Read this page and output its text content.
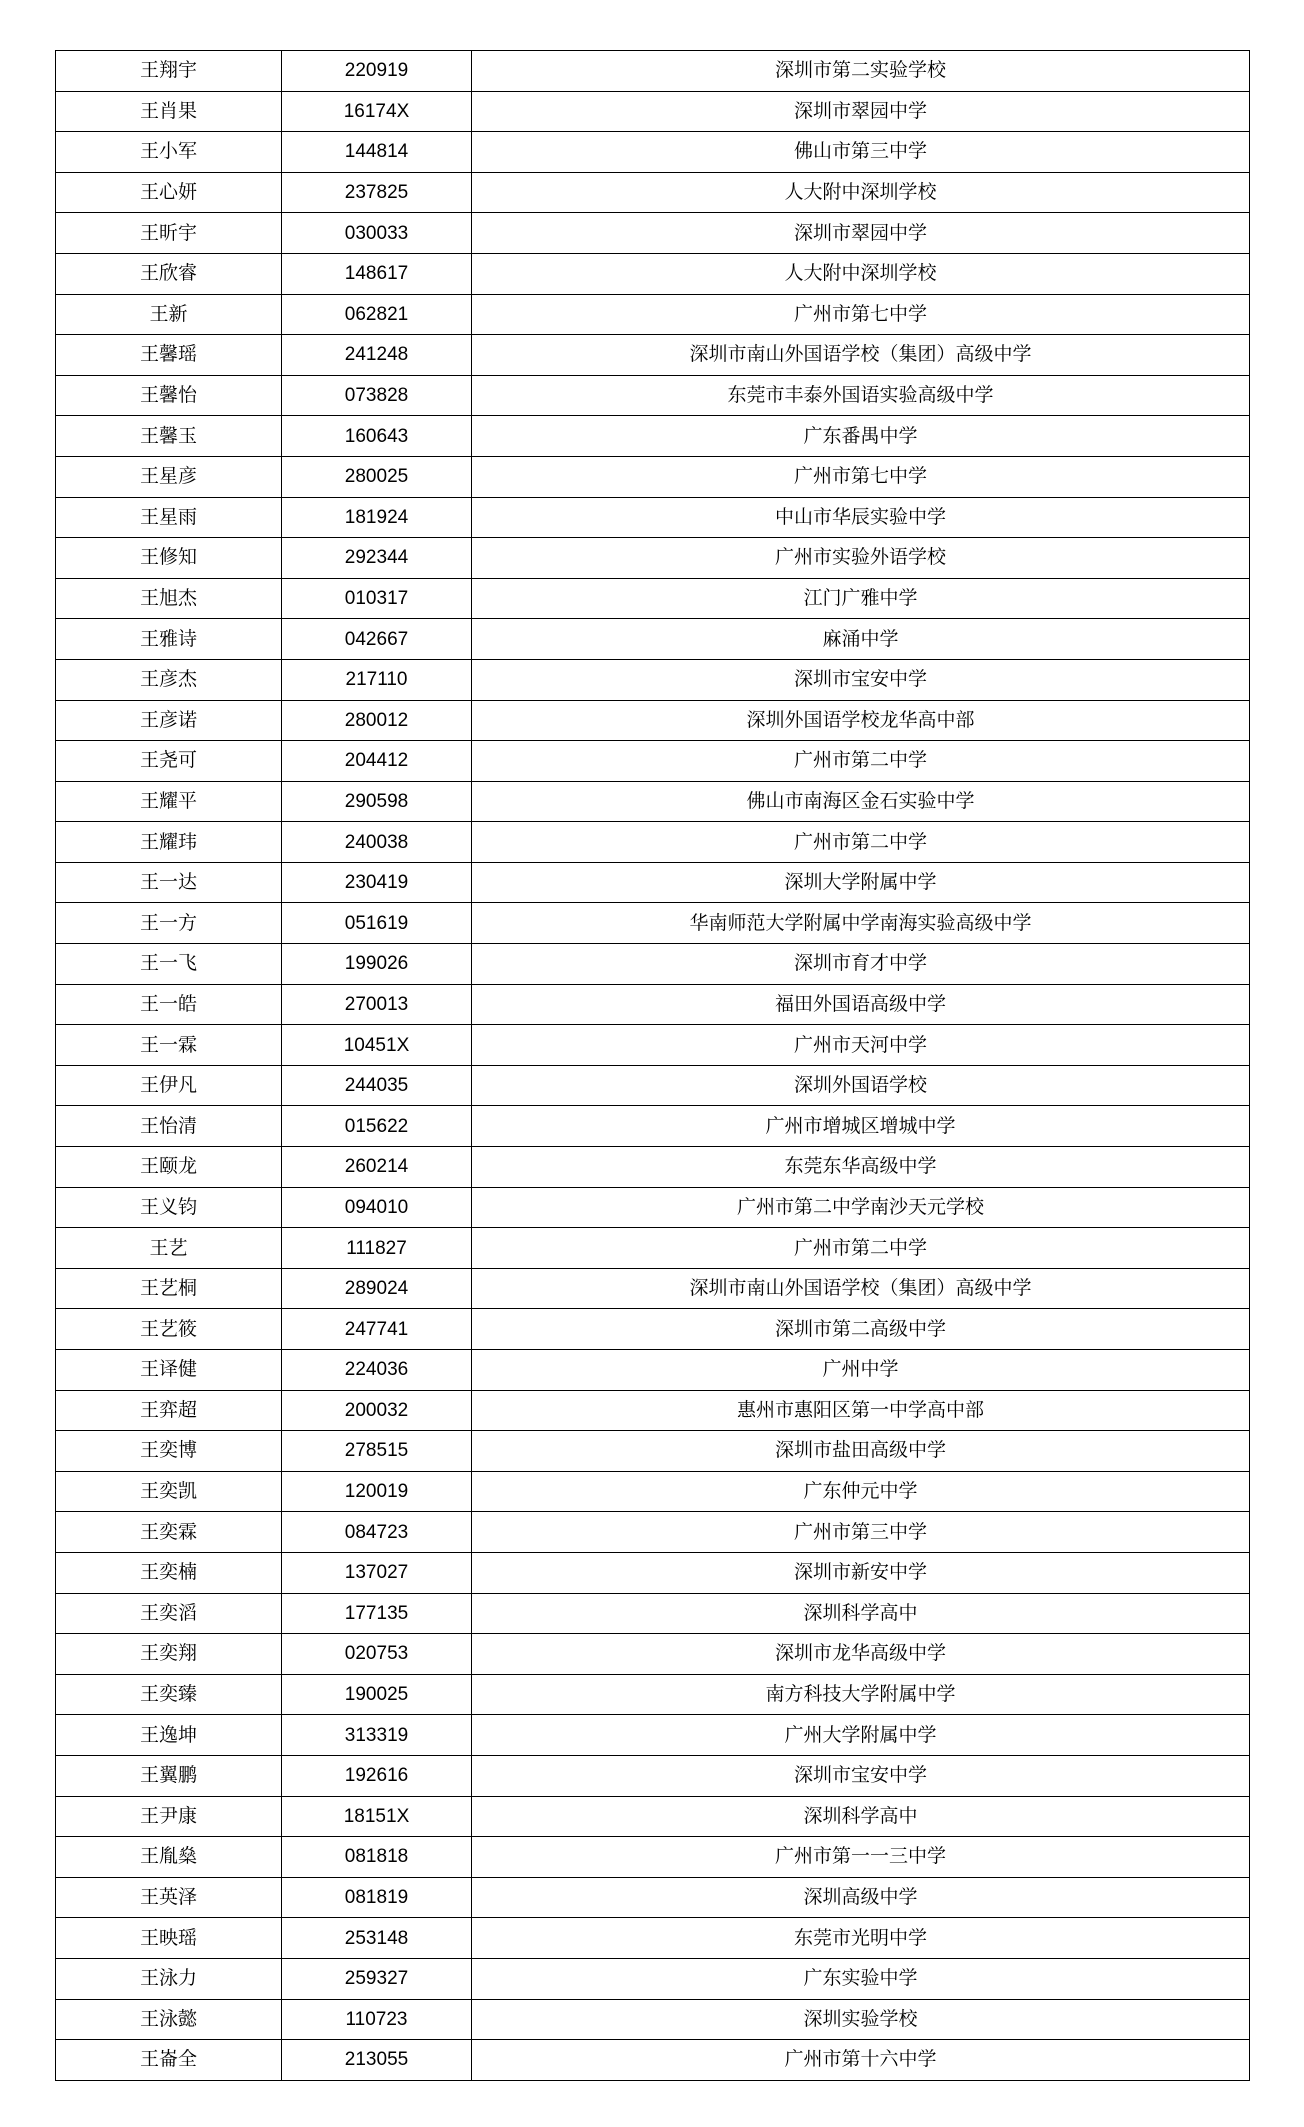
王翔宇	220919	深圳市第二实验学校
王肖果	16174X	深圳市翠园中学
王小军	144814	佛山市第三中学
王心妍	237825	人大附中深圳学校
王昕宇	030033	深圳市翠园中学
王欣睿	148617	人大附中深圳学校
王新	062821	广州市第七中学
王馨瑶	241248	深圳市南山外国语学校（集团）高级中学
王馨怡	073828	东莞市丰泰外国语实验高级中学
王馨玉	160643	广东番禺中学
王星彦	280025	广州市第七中学
王星雨	181924	中山市华辰实验中学
王修知	292344	广州市实验外语学校
王旭杰	010317	江门广雅中学
王雅诗	042667	麻涌中学
王彦杰	217110	深圳市宝安中学
王彦诺	280012	深圳外国语学校龙华高中部
王尧可	204412	广州市第二中学
王耀平	290598	佛山市南海区金石实验中学
王耀玮	240038	广州市第二中学
王一达	230419	深圳大学附属中学
王一方	051619	华南师范大学附属中学南海实验高级中学
王一飞	199026	深圳市育才中学
王一皓	270013	福田外国语高级中学
王一霖	10451X	广州市天河中学
王伊凡	244035	深圳外国语学校
王怡清	015622	广州市增城区增城中学
王颐龙	260214	东莞东华高级中学
王义钧	094010	广州市第二中学南沙天元学校
王艺	111827	广州市第二中学
王艺桐	289024	深圳市南山外国语学校（集团）高级中学
王艺筱	247741	深圳市第二高级中学
王译健	224036	广州中学
王弈超	200032	惠州市惠阳区第一中学高中部
王奕博	278515	深圳市盐田高级中学
王奕凯	120019	广东仲元中学
王奕霖	084723	广州市第三中学
王奕楠	137027	深圳市新安中学
王奕滔	177135	深圳科学高中
王奕翔	020753	深圳市龙华高级中学
王奕臻	190025	南方科技大学附属中学
王逸坤	313319	广州大学附属中学
王翼鹏	192616	深圳市宝安中学
王尹康	18151X	深圳科学高中
王胤燊	081818	广州市第一一三中学
王英泽	081819	深圳高级中学
王映瑶	253148	东莞市光明中学
王泳力	259327	广东实验中学
王泳懿	110723	深圳实验学校
王崙全	213055	广州市第十六中学
